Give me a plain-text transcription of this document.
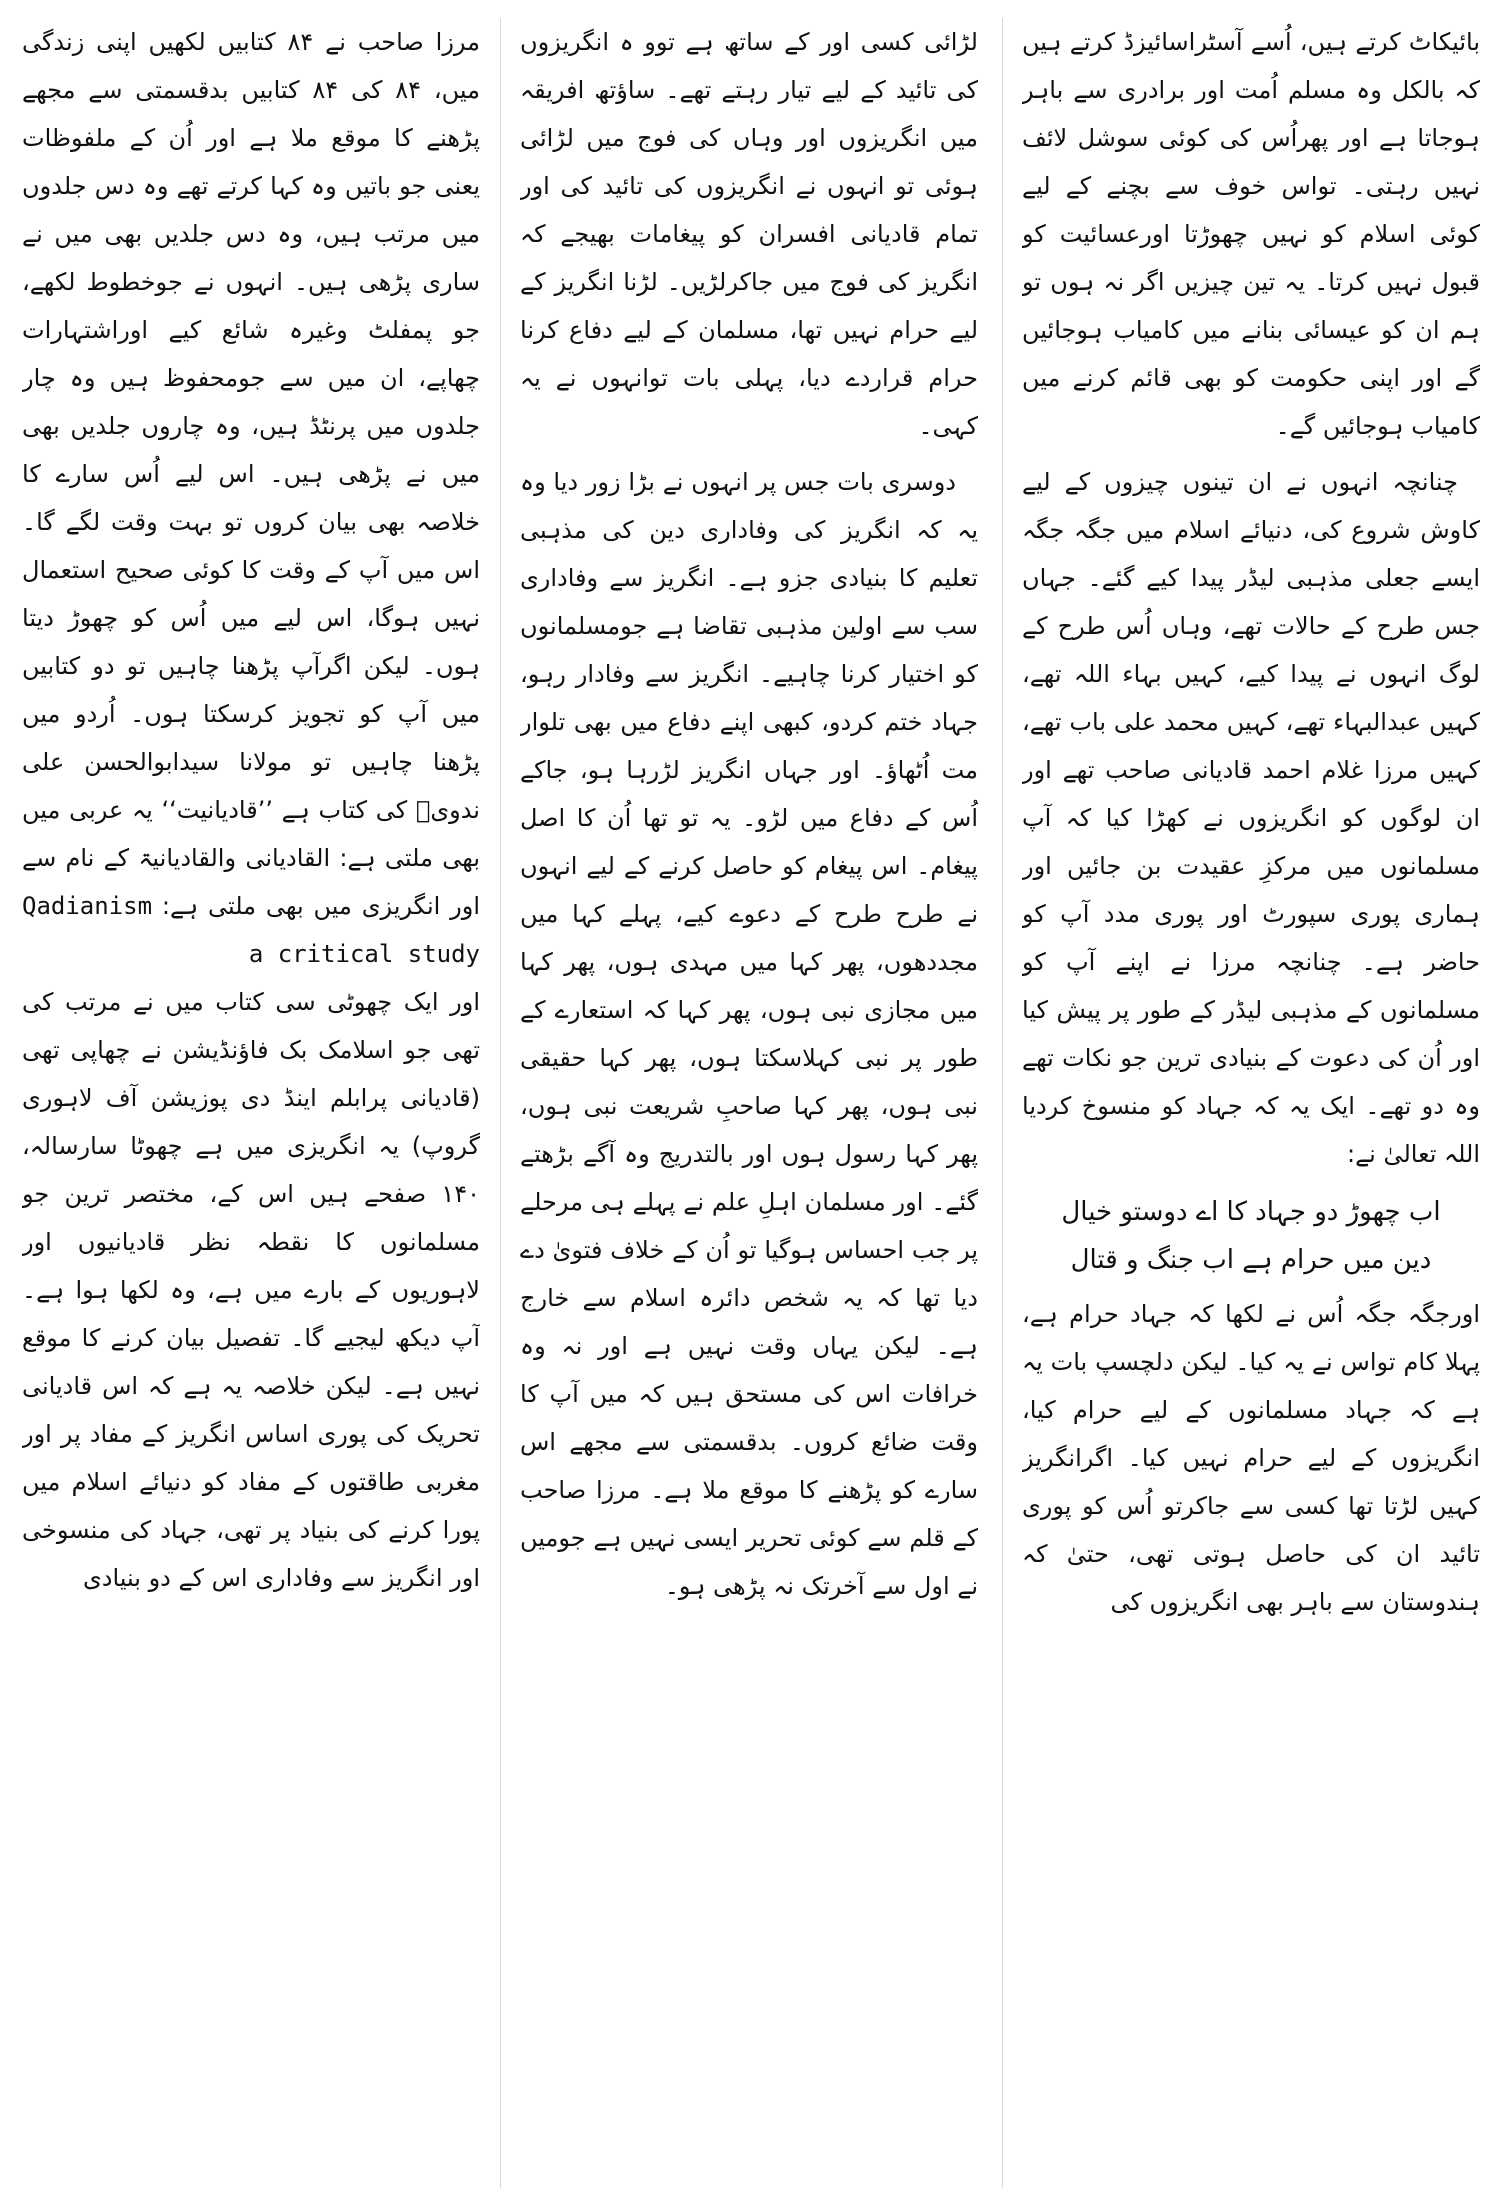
بائیکاٹ کرتے ہیں، اُسے آسٹراسائیزڈ کرتے ہیں کہ بالکل وہ مسلم اُمت اور برادری سے باہر ہوجاتا ہے اور پھراُس کی کوئی سوشل لائف نہیں رہتی۔ تواس خوف سے بچنے کے لیے کوئی اسلام کو نہیں چھوڑتا اورعسائیت کو قبول نہیں کرتا۔ یہ تین چیزیں اگر نہ ہوں تو ہم ان کو عیسائی بنانے میں کامیاب ہوجائیں گے اور اپنی حکومت کو بھی قائم کرنے میں کامیاب ہوجائیں گے۔

چنانچہ انہوں نے ان تینوں چیزوں کے لیے کاوش شروع کی، دنیائے اسلام میں جگہ جگہ ایسے جعلی مذہبی لیڈر پیدا کیے گئے۔ جہاں جس طرح کے حالات تھے، وہاں اُس طرح کے لوگ انہوں نے پیدا کیے، کہیں بہاء اللہ تھے، کہیں عبدالبہاء تھے، کہیں محمد علی باب تھے، کہیں مرزا غلام احمد قادیانی صاحب تھے اور ان لوگوں کو انگریزوں نے کھڑا کیا کہ آپ مسلمانوں میں مرکزِ عقیدت بن جائیں اور ہماری پوری سپورٹ اور پوری مدد آپ کو حاضر ہے۔ چنانچہ مرزا نے اپنے آپ کو مسلمانوں کے مذہبی لیڈر کے طور پر پیش کیا اور اُن کی دعوت کے بنیادی ترین جو نکات تھے وہ دو تھے۔ ایک یہ کہ جہاد کو منسوخ کردیا اللہ تعالیٰ نے:

اب چھوڑ دو جہاد کا اے دوستو خیال

دین میں حرام ہے اب جنگ و قتال

اورجگہ جگہ اُس نے لکھا کہ جہاد حرام ہے، پہلا کام تواس نے یہ کیا۔ لیکن دلچسپ بات یہ ہے کہ جہاد مسلمانوں کے لیے حرام کیا، انگریزوں کے لیے حرام نہیں کیا۔ اگرانگریز کہیں لڑتا تھا کسی سے جاکرتو اُس کو پوری تائید ان کی حاصل ہوتی تھی، حتیٰ کہ ہندوستان سے باہر بھی انگریزوں کی

لڑائی کسی اور کے ساتھ ہے توو ہ انگریزوں کی تائید کے لیے تیار رہتے تھے۔ ساؤتھ افریقہ میں انگریزوں اور وہاں کی فوج میں لڑائی ہوئی تو انہوں نے انگریزوں کی تائید کی اور تمام قادیانی افسران کو پیغامات بھیجے کہ انگریز کی فوج میں جاکرلڑیں۔ لڑنا انگریز کے لیے حرام نہیں تھا، مسلمان کے لیے دفاع کرنا حرام قراردے دیا، پہلی بات توانہوں نے یہ کہی۔

دوسری بات جس پر انہوں نے بڑا زور دیا وہ یہ کہ انگریز کی وفاداری دین کی مذہبی تعلیم کا بنیادی جزو ہے۔ انگریز سے وفاداری سب سے اولین مذہبی تقاضا ہے جومسلمانوں کو اختیار کرنا چاہیے۔ انگریز سے وفادار رہو، جہاد ختم کردو، کبھی اپنے دفاع میں بھی تلوار مت اُٹھاؤ۔ اور جہاں انگریز لڑرہا ہو، جاکے اُس کے دفاع میں لڑو۔ یہ تو تھا اُن کا اصل پیغام۔ اس پیغام کو حاصل کرنے کے لیے انہوں نے طرح طرح کے دعوے کیے، پہلے کہا میں مجددھوں، پھر کہا میں مہدی ہوں، پھر کہا میں مجازی نبی ہوں، پھر کہا کہ استعارے کے طور پر نبی کہلاسکتا ہوں، پھر کہا حقیقی نبی ہوں، پھر کہا صاحبِ شریعت نبی ہوں، پھر کہا رسول ہوں اور بالتدریج وہ آگے بڑھتے گئے۔ اور مسلمان اہلِ علم نے پہلے ہی مرحلے پر جب احساس ہوگیا تو اُن کے خلاف فتویٰ دے دیا تھا کہ یہ شخص دائرہ اسلام سے خارج ہے۔ لیکن یہاں وقت نہیں ہے اور نہ وہ خرافات اس کی مستحق ہیں کہ میں آپ کا وقت ضائع کروں۔ بدقسمتی سے مجھے اس سارے کو پڑھنے کا موقع ملا ہے۔ مرزا صاحب کے قلم سے کوئی تحریر ایسی نہیں ہے جومیں نے اول سے آخرتک نہ پڑھی ہو۔

مرزا صاحب نے ۸۴ کتابیں لکھیں اپنی زندگی میں، ۸۴ کی ۸۴ کتابیں بدقسمتی سے مجھے پڑھنے کا موقع ملا ہے اور اُن کے ملفوظات یعنی جو باتیں وہ کہا کرتے تھے وہ دس جلدوں میں مرتب ہیں، وہ دس جلدیں بھی میں نے ساری پڑھی ہیں۔ انہوں نے جوخطوط لکھے، جو پمفلٹ وغیرہ شائع کیے اوراشتہارات چھاپے، ان میں سے جومحفوظ ہیں وہ چار جلدوں میں پرنٹڈ ہیں، وہ چاروں جلدیں بھی میں نے پڑھی ہیں۔ اس لیے اُس سارے کا خلاصہ بھی بیان کروں تو بہت وقت لگے گا۔ اس میں آپ کے وقت کا کوئی صحیح استعمال نہیں ہوگا، اس لیے میں اُس کو چھوڑ دیتا ہوں۔ لیکن اگرآپ پڑھنا چاہیں تو دو کتابیں میں آپ کو تجویز کرسکتا ہوں۔ اُردو میں پڑھنا چاہیں تو مولانا سیدابوالحسن علی ندویؒ کی کتاب ہے ’’قادیانیت‘‘ یہ عربی میں بھی ملتی ہے: القادیانی والقادیانیۃ کے نام سے اور انگریزی میں بھی ملتی ہے: Qadianism a critical study

اور ایک چھوٹی سی کتاب میں نے مرتب کی تھی جو اسلامک بک فاؤنڈیشن نے چھاپی تھی (قادیانی پرابلم اینڈ دی پوزیشن آف لاہوری گروپ) یہ انگریزی میں ہے چھوٹا سارسالہ، ۱۴۰ صفحے ہیں اس کے، مختصر ترین جو مسلمانوں کا نقطہ نظر قادیانیوں اور لاہوریوں کے بارے میں ہے، وہ لکھا ہوا ہے۔ آپ دیکھ لیجیے گا۔ تفصیل بیان کرنے کا موقع نہیں ہے۔ لیکن خلاصہ یہ ہے کہ اس قادیانی تحریک کی پوری اساس انگریز کے مفاد پر اور مغربی طاقتوں کے مفاد کو دنیائے اسلام میں پورا کرنے کی بنیاد پر تھی، جہاد کی منسوخی اور انگریز سے وفاداری اس کے دو بنیادی
